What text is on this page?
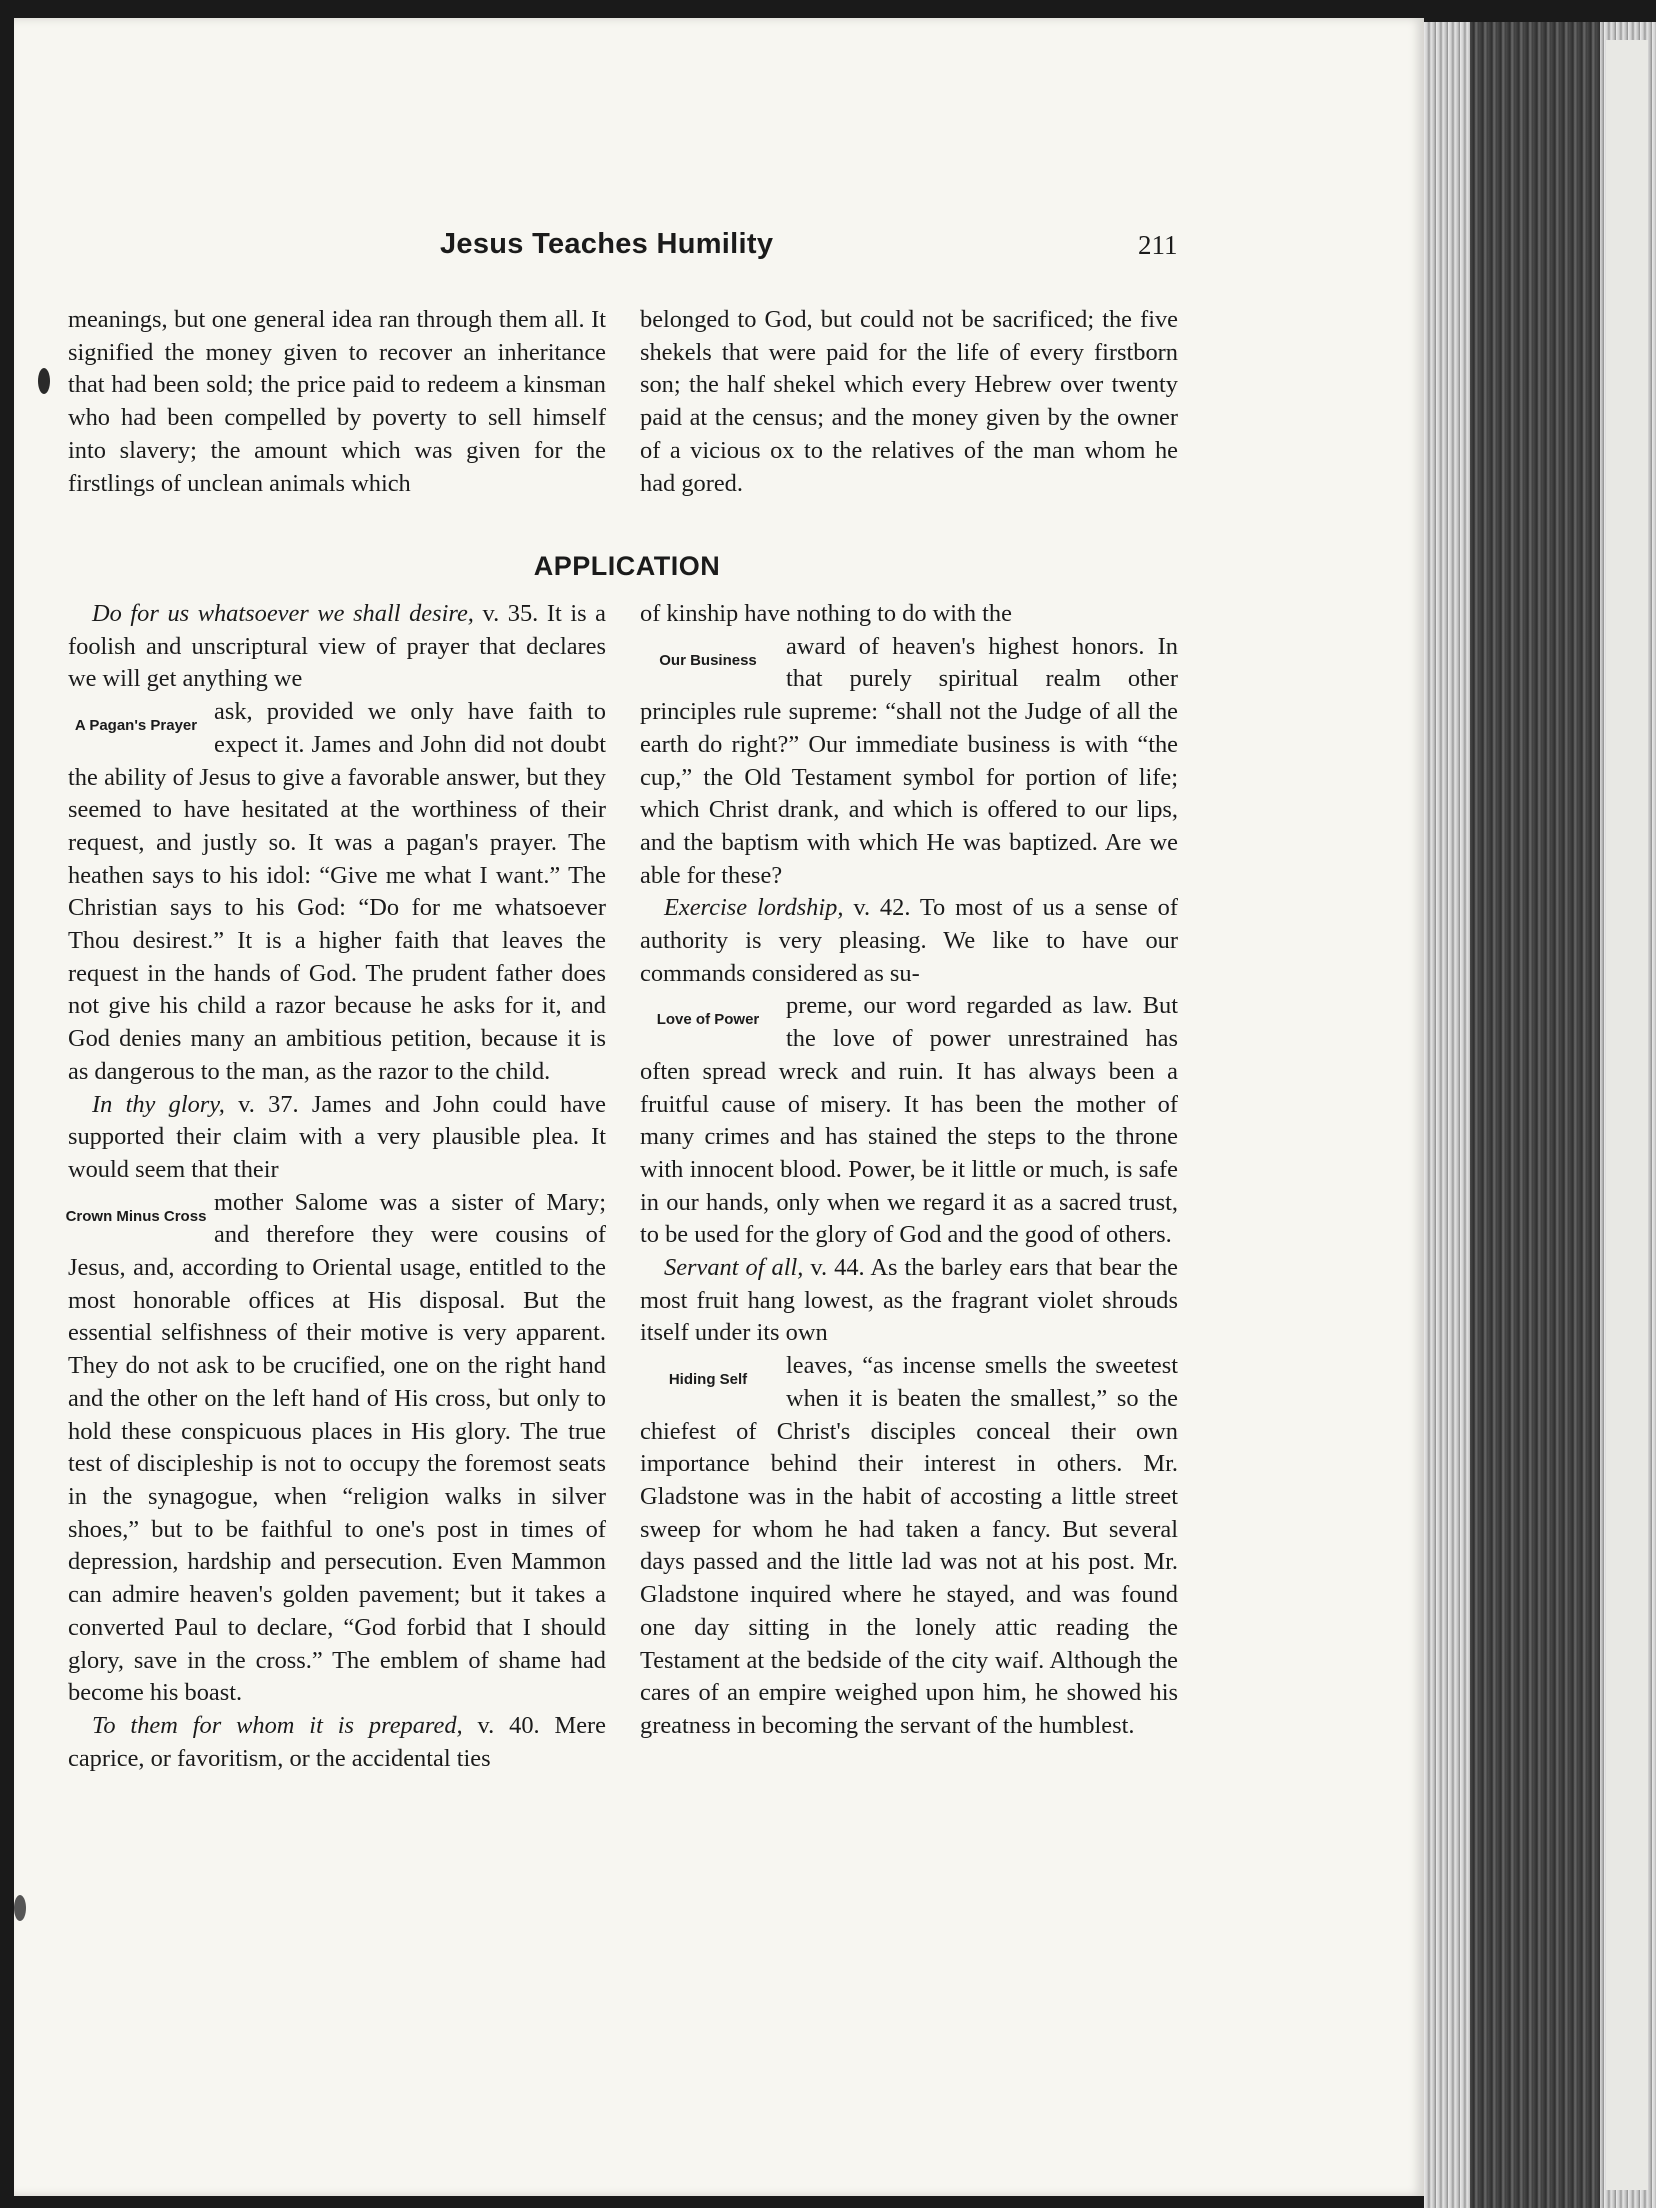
Jesus Teaches Humility	211

meanings, but one general idea ran through them all. It signified the money given to recover an inheritance that had been sold; the price paid to redeem a kinsman who had been compelled by poverty to sell himself into slavery; the amount which was given for the firstlings of unclean animals which

belonged to God, but could not be sacrificed; the five shekels that were paid for the life of every firstborn son; the half shekel which every Hebrew over twenty paid at the census; and the money given by the owner of a vicious ox to the relatives of the man whom he had gored.

APPLICATION

Do for us whatsoever we shall desire, v. 35. It is a foolish and unscriptural view of prayer that declares we will get anything we

A Pagan's Prayer
ask, provided we only have faith to expect it. James and John did not doubt the ability of Jesus to give a favorable answer, but they seemed to have hesitated at the worthiness of their request, and justly so. It was a pagan's prayer. The heathen says to his idol: “Give me what I want.” The Christian says to his God: “Do for me whatsoever Thou desirest.” It is a higher faith that leaves the request in the hands of God. The prudent father does not give his child a razor because he asks for it, and God denies many an ambitious petition, because it is as dangerous to the man, as the razor to the child.

In thy glory, v. 37. James and John could have supported their claim with a very plausible plea. It would seem that their

Crown Minus Cross
mother Salome was a sister of Mary; and therefore they were cousins of Jesus, and, according to Oriental usage, entitled to the most honorable offices at His disposal. But the essential selfishness of their motive is very apparent. They do not ask to be crucified, one on the right hand and the other on the left hand of His cross, but only to hold these conspicuous places in His glory. The true test of discipleship is not to occupy the foremost seats in the synagogue, when “religion walks in silver shoes,” but to be faithful to one's post in times of depression, hardship and persecution. Even Mammon can admire heaven's golden pavement; but it takes a converted Paul to declare, “God forbid that I should glory, save in the cross.” The emblem of shame had become his boast.

To them for whom it is prepared, v. 40. Mere caprice, or favoritism, or the accidental ties

of kinship have nothing to do with the

Our Business
award of heaven's highest honors. In that purely spiritual realm other principles rule supreme: “shall not the Judge of all the earth do right?” Our immediate business is with “the cup,” the Old Testament symbol for portion of life; which Christ drank, and which is offered to our lips, and the baptism with which He was baptized. Are we able for these?

Exercise lordship, v. 42. To most of us a sense of authority is very pleasing. We like to have our commands considered as su-

Love of Power
preme, our word regarded as law. But the love of power unrestrained has often spread wreck and ruin. It has always been a fruitful cause of misery. It has been the mother of many crimes and has stained the steps to the throne with innocent blood. Power, be it little or much, is safe in our hands, only when we regard it as a sacred trust, to be used for the glory of God and the good of others.

Servant of all, v. 44. As the barley ears that bear the most fruit hang lowest, as the fragrant violet shrouds itself under its own

Hiding Self
leaves, “as incense smells the sweetest when it is beaten the smallest,” so the chiefest of Christ's disciples conceal their own importance behind their interest in others. Mr. Gladstone was in the habit of accosting a little street sweep for whom he had taken a fancy. But several days passed and the little lad was not at his post. Mr. Gladstone inquired where he stayed, and was found one day sitting in the lonely attic reading the Testament at the bedside of the city waif. Although the cares of an empire weighed upon him, he showed his greatness in becoming the servant of the humblest.
